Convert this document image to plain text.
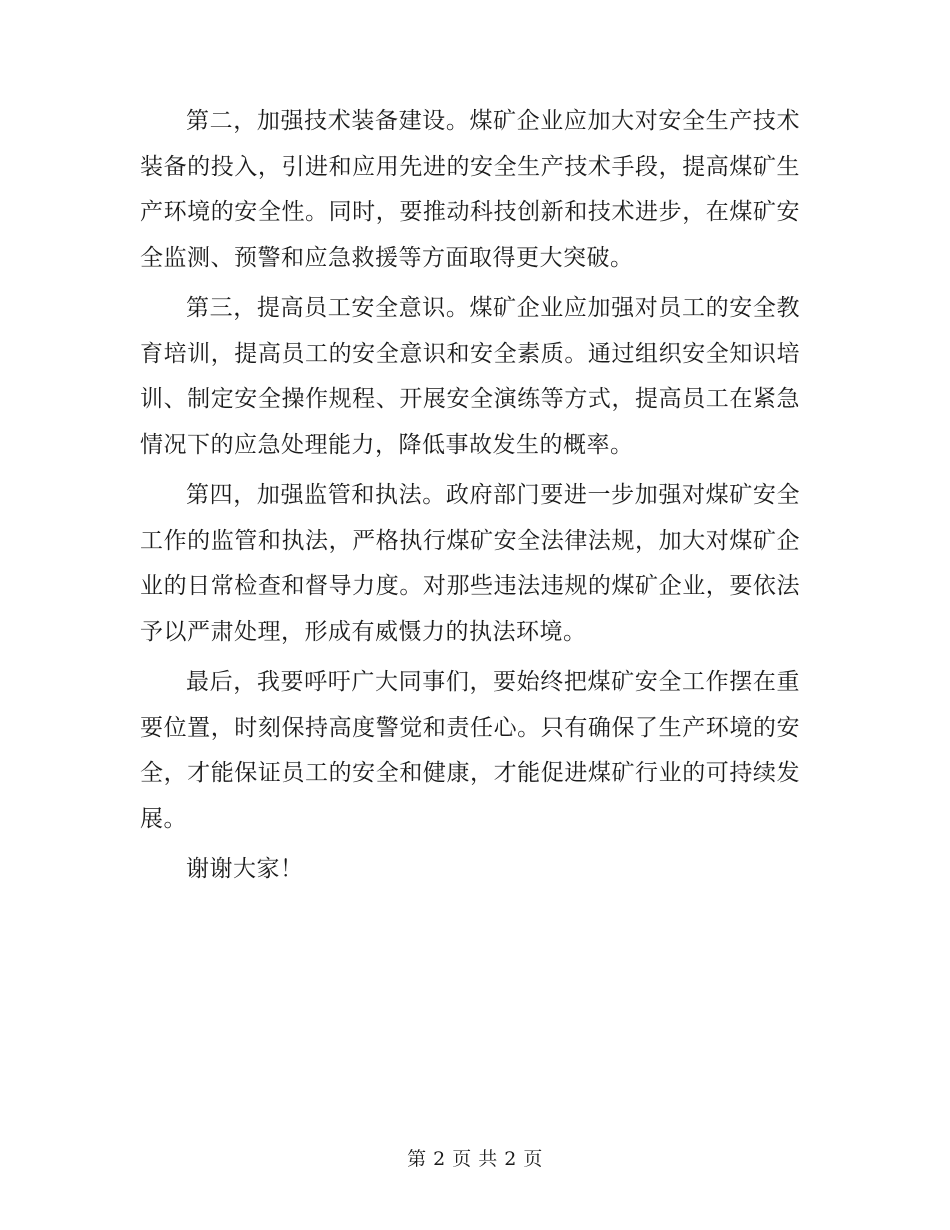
第二，加强技术装备建设。煤矿企业应加大对安全生产技术装备的投入，引进和应用先进的安全生产技术手段，提高煤矿生产环境的安全性。同时，要推动科技创新和技术进步，在煤矿安全监测、预警和应急救援等方面取得更大突破。

第三，提高员工安全意识。煤矿企业应加强对员工的安全教育培训，提高员工的安全意识和安全素质。通过组织安全知识培训、制定安全操作规程、开展安全演练等方式，提高员工在紧急情况下的应急处理能力，降低事故发生的概率。

第四，加强监管和执法。政府部门要进一步加强对煤矿安全工作的监管和执法，严格执行煤矿安全法律法规，加大对煤矿企业的日常检查和督导力度。对那些违法违规的煤矿企业，要依法予以严肃处理，形成有威慑力的执法环境。

最后，我要呼吁广大同事们，要始终把煤矿安全工作摆在重要位置，时刻保持高度警觉和责任心。只有确保了生产环境的安全，才能保证员工的安全和健康，才能促进煤矿行业的可持续发展。

谢谢大家！

第 2 页 共 2 页
